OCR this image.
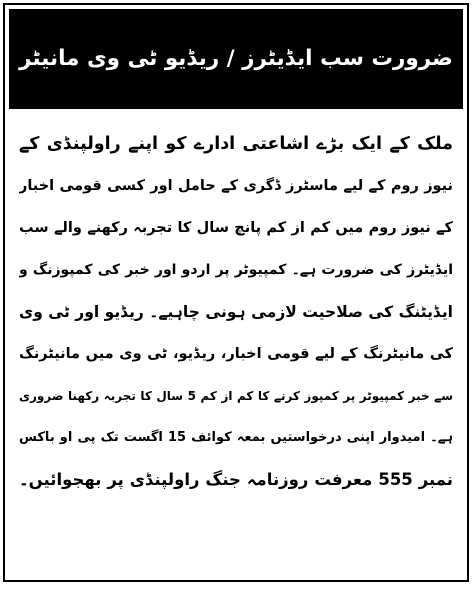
ضرورت سب ایڈیٹرز / ریڈیو ٹی وی مانیٹر
ملک کے ایک بڑے اشاعتی ادارے کو اپنے راولپنڈی کے
نیوز روم کے لیے ماسٹرز ڈگری کے حامل اور کسی قومی اخبار
کے نیوز روم میں کم از کم پانچ سال کا تجربہ رکھنے والے سب
ایڈیٹرز کی ضرورت ہے۔ کمپیوٹر پر اردو اور خبر کی کمپوزنگ و
ایڈیٹنگ کی صلاحیت لازمی ہونی چاہیے۔ ریڈیو اور ٹی وی
کی مانیٹرنگ کے لیے قومی اخبار، ریڈیو، ٹی وی میں مانیٹرنگ
سے خبر کمپیوٹر پر کمپوز کرنے کا کم از کم 5 سال کا تجربہ رکھنا ضروری
ہے۔ امیدوار اپنی درخواستیں بمعہ کوائف 15 اگست تک پی او باکس
نمبر 555 معرفت روزنامہ جنگ راولپنڈی پر بھجوائیں۔
